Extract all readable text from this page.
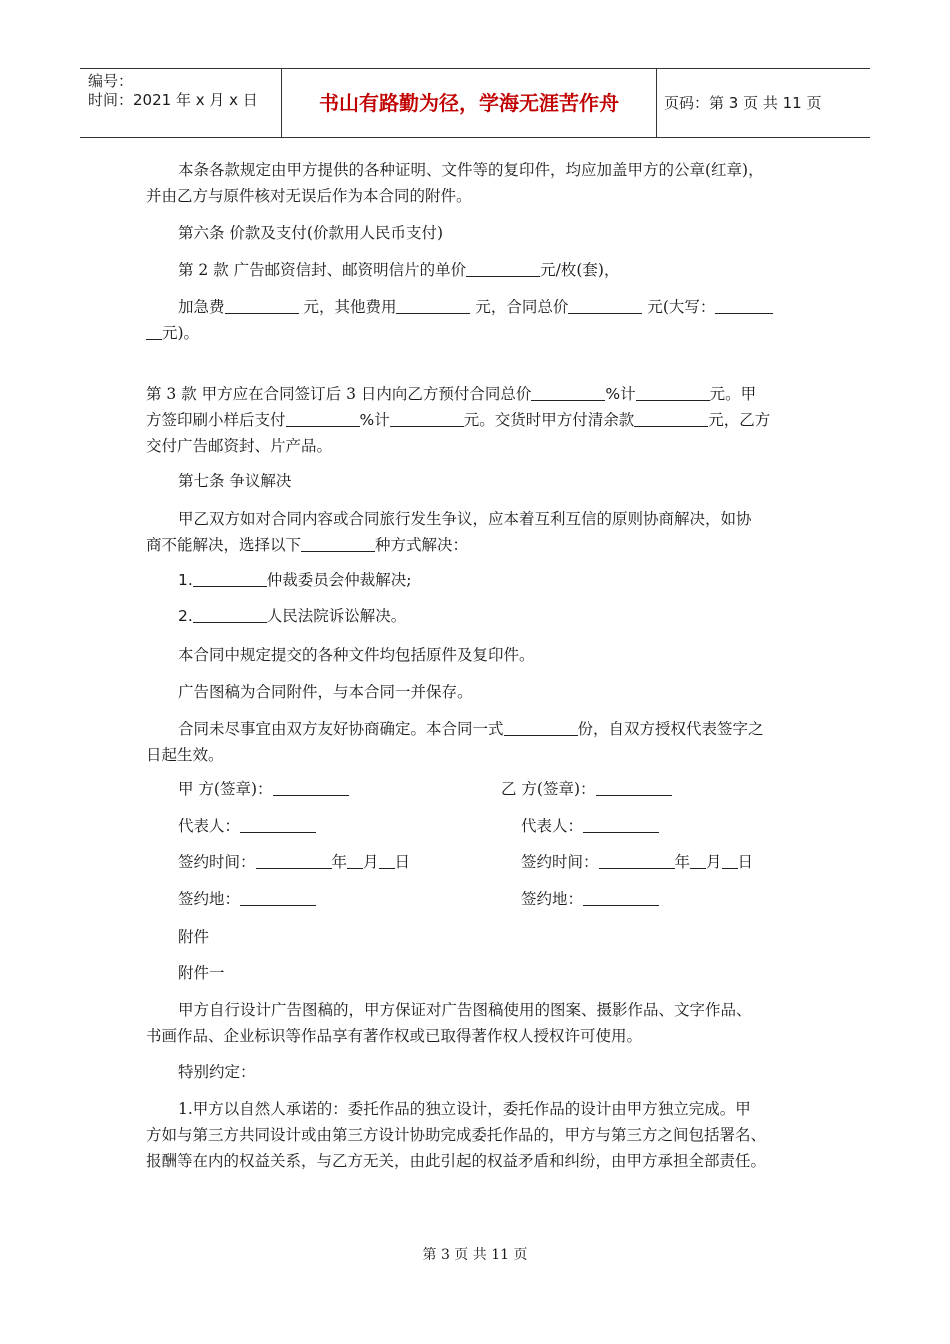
编号：
时间：2021 年 x 月 x 日	书山有路勤为径，学海无涯苦作舟	页码：第 3 页 共 11 页
本条各款规定由甲方提供的各种证明、文件等的复印件，均应加盖甲方的公章(红章)，
并由乙方与原件核对无误后作为本合同的附件。
第六条 价款及支付(价款用人民币支付)
第 2 款 广告邮资信封、邮资明信片的单价	元/枚(套)，
加急费	元，其他费用	元，合同总价	元(大写：
元)。
第 3 款 甲方应在合同签订后 3 日内向乙方预付合同总价	%计	元。甲
方签印刷小样后支付	%计	元。交货时甲方付清余款	元，乙方
交付广告邮资封、片产品。
第七条 争议解决
甲乙双方如对合同内容或合同旅行发生争议，应本着互利互信的原则协商解决，如协
商不能解决，选择以下	种方式解决：
1.	仲裁委员会仲裁解决;
2.	人民法院诉讼解决。
本合同中规定提交的各种文件均包括原件及复印件。
广告图稿为合同附件，与本合同一并保存。
合同未尽事宜由双方友好协商确定。本合同一式	份，自双方授权代表签字之
日起生效。
甲 方(签章)：	乙 方(签章)：
代表人：	代表人：
签约时间：	年 月 日	签约时间：	年 月 日
签约地：	签约地：
附件
附件一
甲方自行设计广告图稿的，甲方保证对广告图稿使用的图案、摄影作品、文字作品、
书画作品、企业标识等作品享有著作权或已取得著作权人授权许可使用。
特别约定：
1.甲方以自然人承诺的：委托作品的独立设计，委托作品的设计由甲方独立完成。甲
方如与第三方共同设计或由第三方设计协助完成委托作品的，甲方与第三方之间包括署名、
报酬等在内的权益关系，与乙方无关，由此引起的权益矛盾和纠纷，由甲方承担全部责任。
第 3 页 共 11 页
